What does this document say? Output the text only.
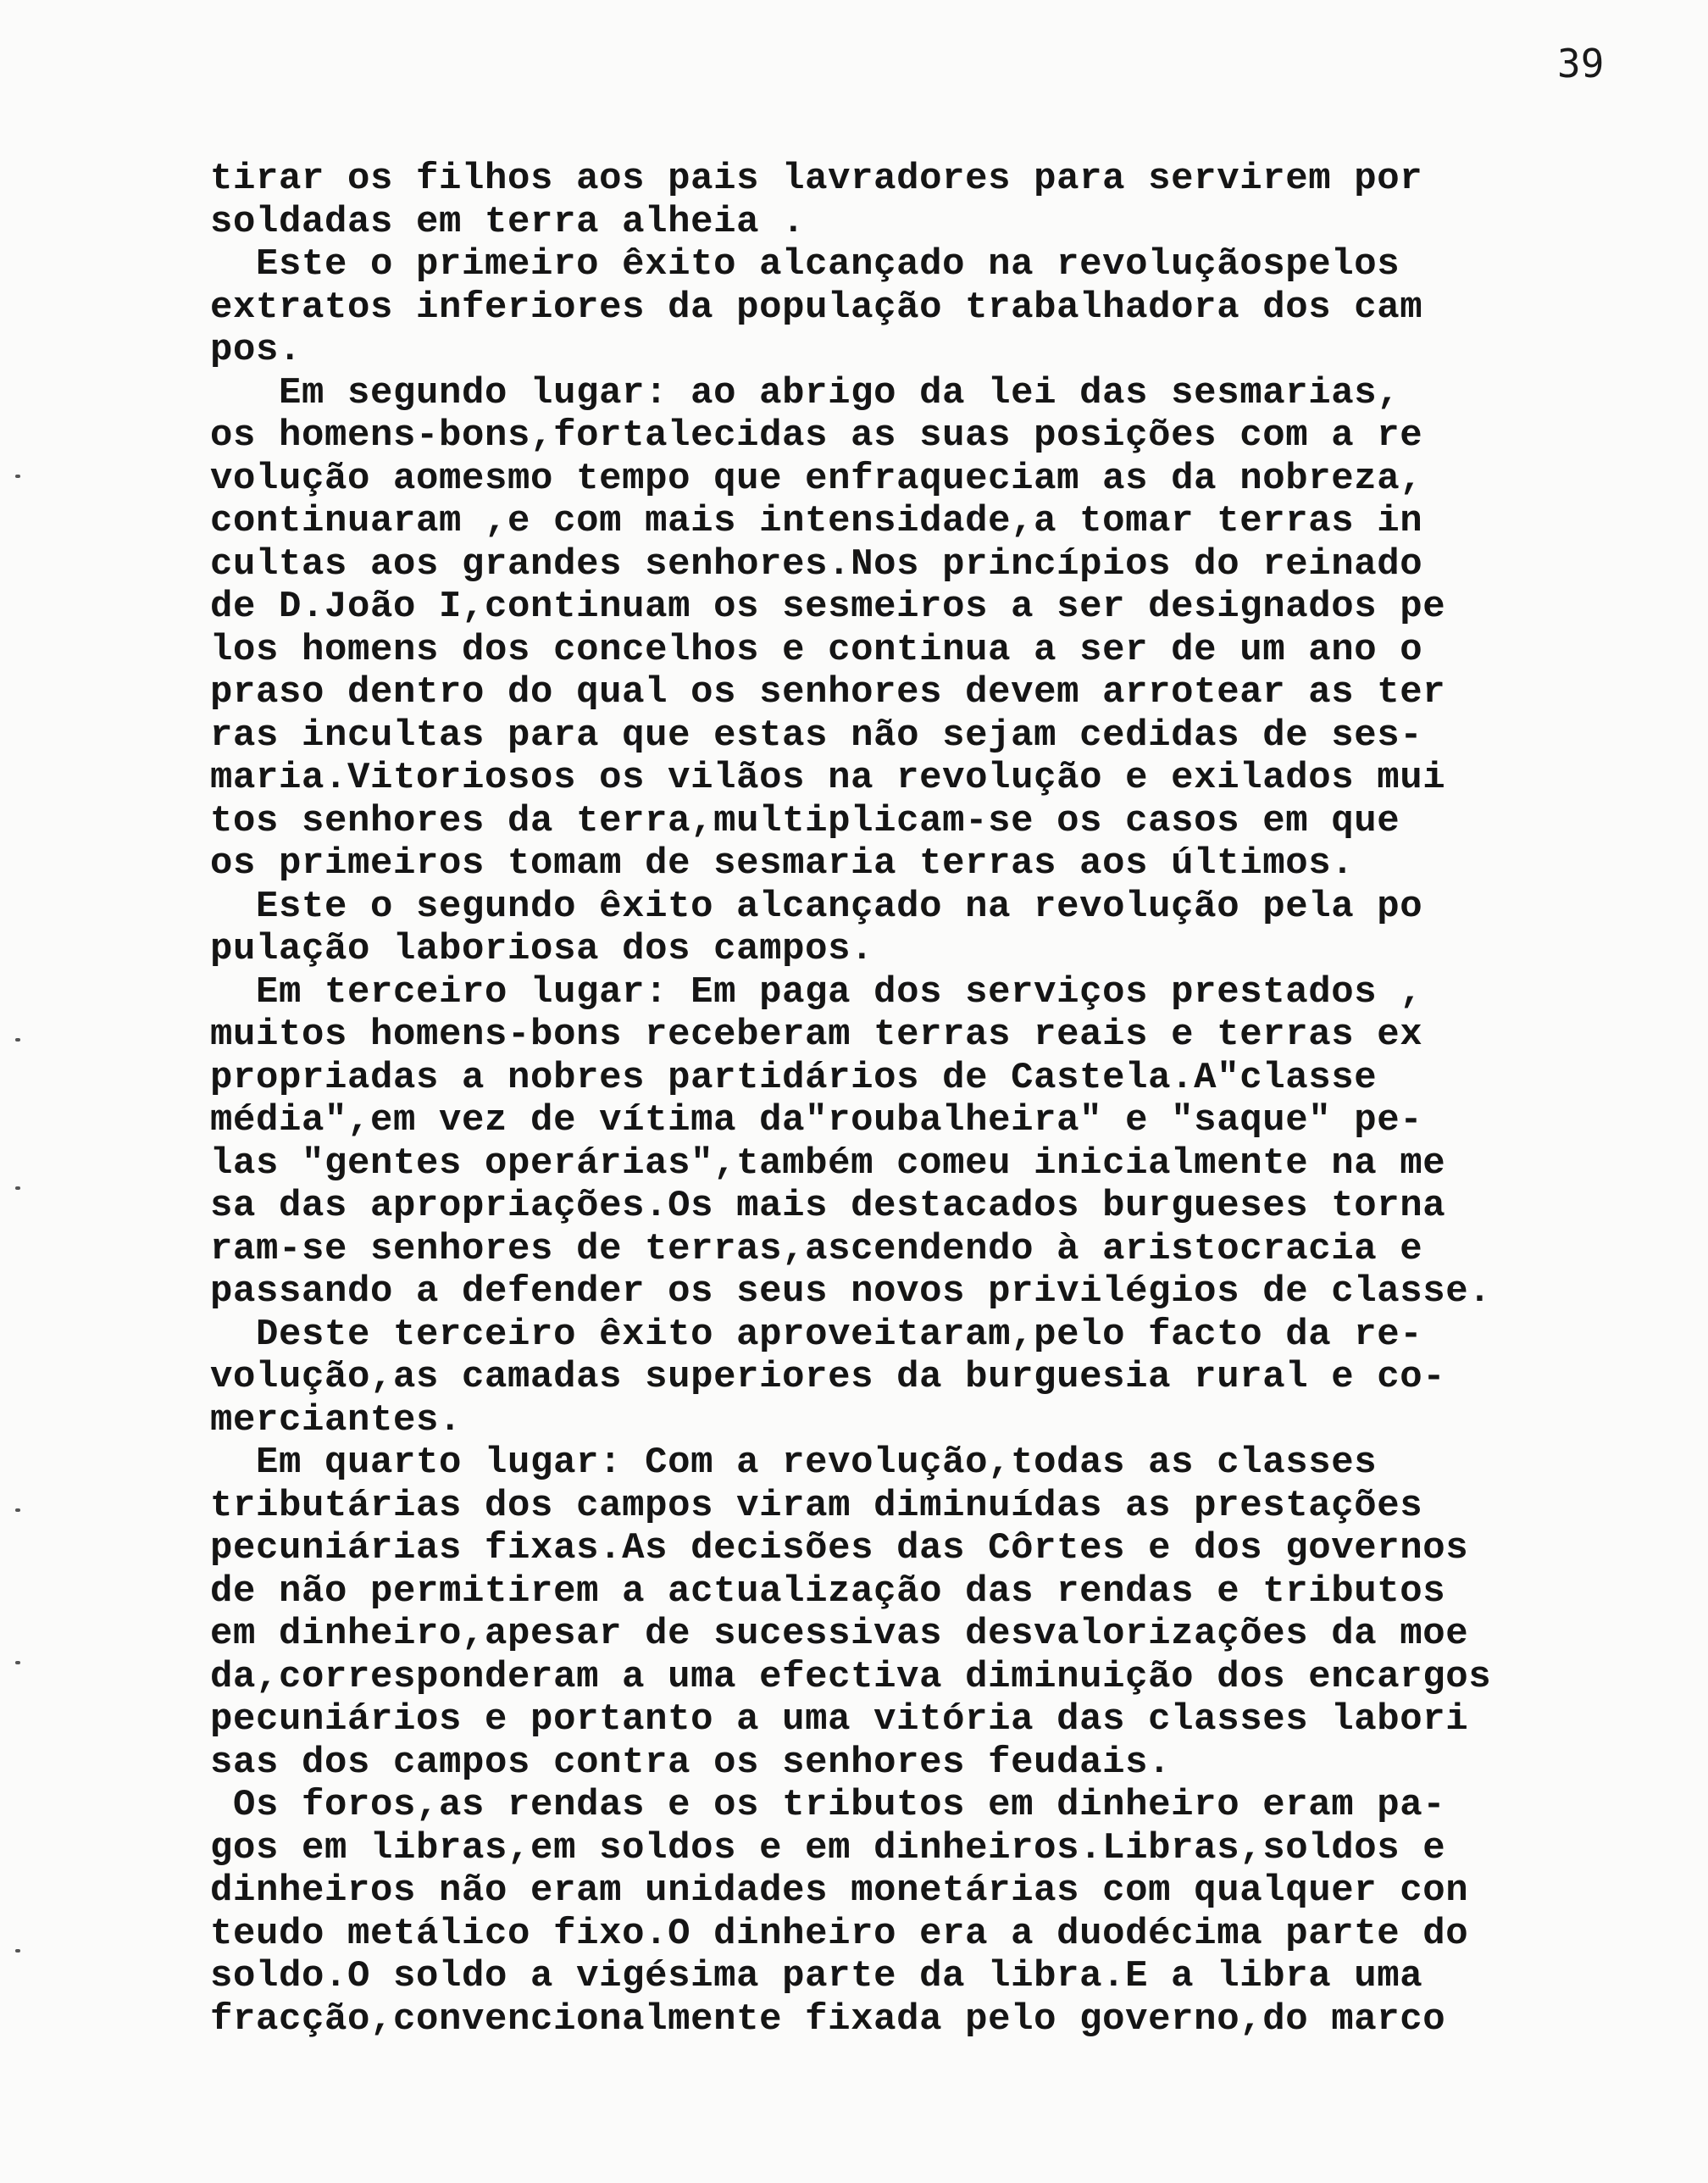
39
tirar os filhos aos pais lavradores para servirem por
soldadas em terra alheia .
Este o primeiro êxito alcançado na revoluçãospelos
extratos inferiores da população trabalhadora dos cam
pos.
Em segundo lugar: ao abrigo da lei das sesmarias,
os homens-bons,fortalecidas as suas posições com a re
volução aomesmo tempo que enfraqueciam as da nobreza,
continuaram ,e com mais intensidade,a tomar terras in
cultas aos grandes senhores.Nos princípios do reinado
de D.João I,continuam os sesmeiros a ser designados pe
los homens dos concelhos e continua a ser de um ano o
praso dentro do qual os senhores devem arrotear as ter
ras incultas para que estas não sejam cedidas de ses-
maria.Vitoriosos os vilãos na revolução e exilados mui
tos senhores da terra,multiplicam-se os casos em que
os primeiros tomam de sesmaria terras aos últimos.
Este o segundo êxito alcançado na revolução pela po
pulação laboriosa dos campos.
Em terceiro lugar: Em paga dos serviços prestados ,
muitos homens-bons receberam terras reais e terras ex
propriadas a nobres partidários de Castela.A"classe
média",em vez de vítima da"roubalheira" e "saque" pe-
las "gentes operárias",também comeu inicialmente na me
sa das apropriações.Os mais destacados burgueses torna
ram-se senhores de terras,ascendendo à aristocracia e
passando a defender os seus novos privilégios de classe.
Deste terceiro êxito aproveitaram,pelo facto da re-
volução,as camadas superiores da burguesia rural e co-
merciantes.
Em quarto lugar: Com a revolução,todas as classes
tributárias dos campos viram diminuídas as prestações
pecuniárias fixas.As decisões das Côrtes e dos governos
de não permitirem a actualização das rendas e tributos
em dinheiro,apesar de sucessivas desvalorizações da moe
da,corresponderam a uma efectiva diminuição dos encargos
pecuniários e portanto a uma vitória das classes labori
sas dos campos contra os senhores feudais.
Os foros,as rendas e os tributos em dinheiro eram pa-
gos em libras,em soldos e em dinheiros.Libras,soldos e
dinheiros não eram unidades monetárias com qualquer con
teudo metálico fixo.O dinheiro era a duodécima parte do
soldo.O soldo a vigésima parte da libra.E a libra uma
fracção,convencionalmente fixada pelo governo,do marco
